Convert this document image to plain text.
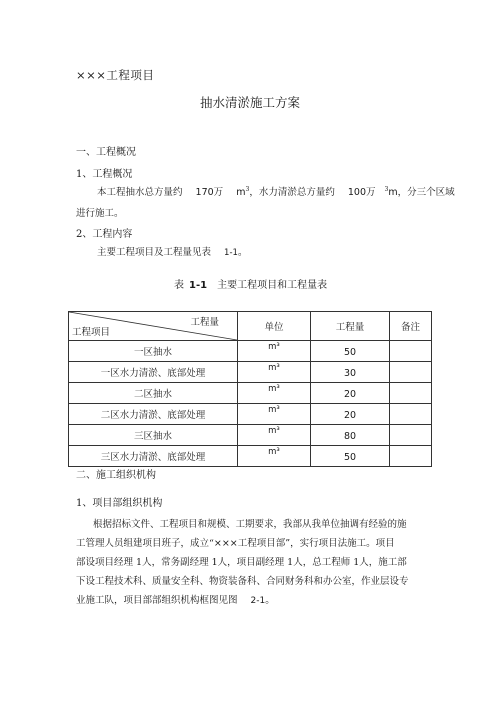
×××工程项目
抽水清淤施工方案
一、工程概况
1、工程概况
本工程抽水总方量约 170万 $m^3$，水力清淤总方量约 100万 $^3$m，分三个区域
进行施工。
2、工程内容
主要工程项目及工程量见表 1-1。
表 1-1 主要工程项目和工程量表
工程量
工程项目	单位	工程量	备注
一区抽水	m³	50	
一区水力清淤、底部处理	m³	30	
二区抽水	m³	20	
二区水力清淤、底部处理	m³	20	
三区抽水	m³	80	
三区水力清淤、底部处理	m³	50	
二、施工组织机构
1、项目部组织机构
根据招标文件、工程项目和规模、工期要求，我部从我单位抽调有经验的施
工管理人员组建项目班子，成立“×××工程项目部”，实行项目法施工。项目
部设项目经理 1人，常务副经理 1人，项目副经理 1人，总工程师 1人，施工部
下设工程技术科、质量安全科、物资装备科、合同财务科和办公室，作业层设专
业施工队，项目部部组织机构框图见图 2-1。
